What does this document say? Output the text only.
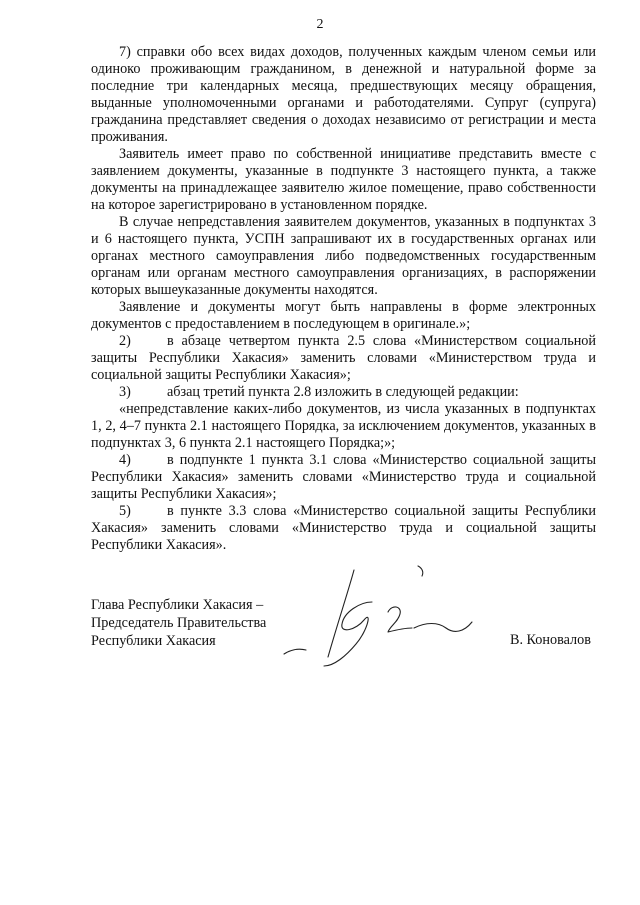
2

7) справки обо всех видах доходов, полученных каждым членом семьи или одиноко проживающим гражданином, в денежной и натуральной форме за последние три календарных месяца, предшествующих месяцу обращения, выданные уполномоченными органами и работодателями. Супруг (супруга) гражданина представляет сведения о доходах независимо от регистрации и места проживания.

Заявитель имеет право по собственной инициативе представить вместе с заявлением документы, указанные в подпункте 3 настоящего пункта, а также документы на принадлежащее заявителю жилое помещение, право собственности на которое зарегистрировано в установленном порядке.

В случае непредставления заявителем документов, указанных в подпунктах 3 и 6 настоящего пункта, УСПН запрашивают их в государственных органах или органах местного самоуправления либо подведомственных государственным органам или органам местного самоуправления организациях, в распоряжении которых вышеуказанные документы находятся.

Заявление и документы могут быть направлены в форме электронных документов с предоставлением в последующем в оригинале.»;

2)	в абзаце четвертом пункта 2.5 слова «Министерством социальной защиты Республики Хакасия» заменить словами «Министерством труда и социальной защиты Республики Хакасия»;

3)	абзац третий пункта 2.8 изложить в следующей редакции:

«непредставление каких-либо документов, из числа указанных в подпунктах 1, 2, 4–7 пункта 2.1 настоящего Порядка, за исключением документов, указанных в подпунктах 3, 6 пункта 2.1 настоящего Порядка;»;

4)	в подпункте 1 пункта 3.1 слова «Министерство социальной защиты Республики Хакасия» заменить словами «Министерство труда и социальной защиты Республики Хакасия»;

5)	в пункте 3.3 слова «Министерство социальной защиты Республики Хакасия» заменить словами «Министерство труда и социальной защиты Республики Хакасия».

Глава Республики Хакасия –
Председатель Правительства
Республики Хакасия	В. Коновалов
